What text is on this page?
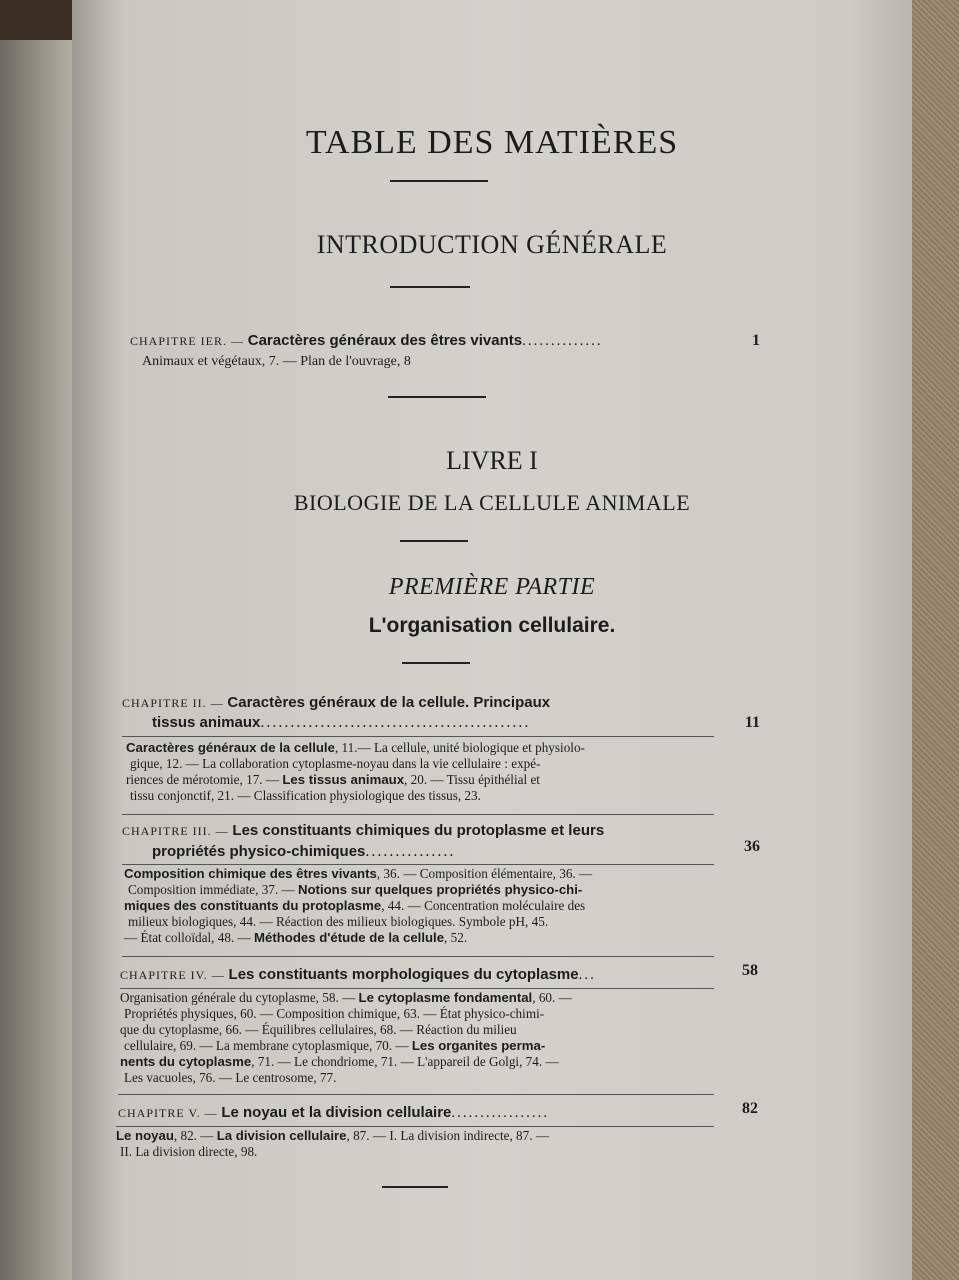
TABLE DES MATIÈRES
INTRODUCTION GÉNÉRALE
CHAPITRE IER. — Caractères généraux des êtres vivants..............	1
Animaux et végétaux, 7. — Plan de l'ouvrage, 8
LIVRE I
BIOLOGIE DE LA CELLULE ANIMALE
PREMIÈRE PARTIE
L'organisation cellulaire.
CHAPITRE II. — Caractères généraux de la cellule. Principaux
tissus animaux.............................................	11
CHAPITRE III. — Les constituants chimiques du protoplasme et leurs
propriétés physico-chimiques...............	36
CHAPITRE IV. — Les constituants morphologiques du cytoplasme...	58
CHAPITRE V. — Le noyau et la division cellulaire.................	82
Caractères généraux de la cellule, 11.— La cellule, unité biologique et physiolo-
gique, 12. — La collaboration cytoplasme-noyau dans la vie cellulaire : expé-
riences de mérotomie, 17. — Les tissus animaux, 20. — Tissu épithélial et
tissu conjonctif, 21. — Classification physiologique des tissus, 23.
Composition chimique des êtres vivants, 36. — Composition élémentaire, 36. —
Composition immédiate, 37. — Notions sur quelques propriétés physico-chi-
miques des constituants du protoplasme, 44. — Concentration moléculaire des
milieux biologiques, 44. — Réaction des milieux biologiques. Symbole pH, 45.
— État colloïdal, 48. — Méthodes d'étude de la cellule, 52.
Organisation générale du cytoplasme, 58. — Le cytoplasme fondamental, 60. —
Propriétés physiques, 60. — Composition chimique, 63. — État physico-chimi-
que du cytoplasme, 66. — Équilibres cellulaires, 68. — Réaction du milieu
cellulaire, 69. — La membrane cytoplasmique, 70. — Les organites perma-
nents du cytoplasme, 71. — Le chondriome, 71. — L'appareil de Golgi, 74. —
Les vacuoles, 76. — Le centrosome, 77.
Le noyau, 82. — La division cellulaire, 87. — I. La division indirecte, 87. —
II. La division directe, 98.
